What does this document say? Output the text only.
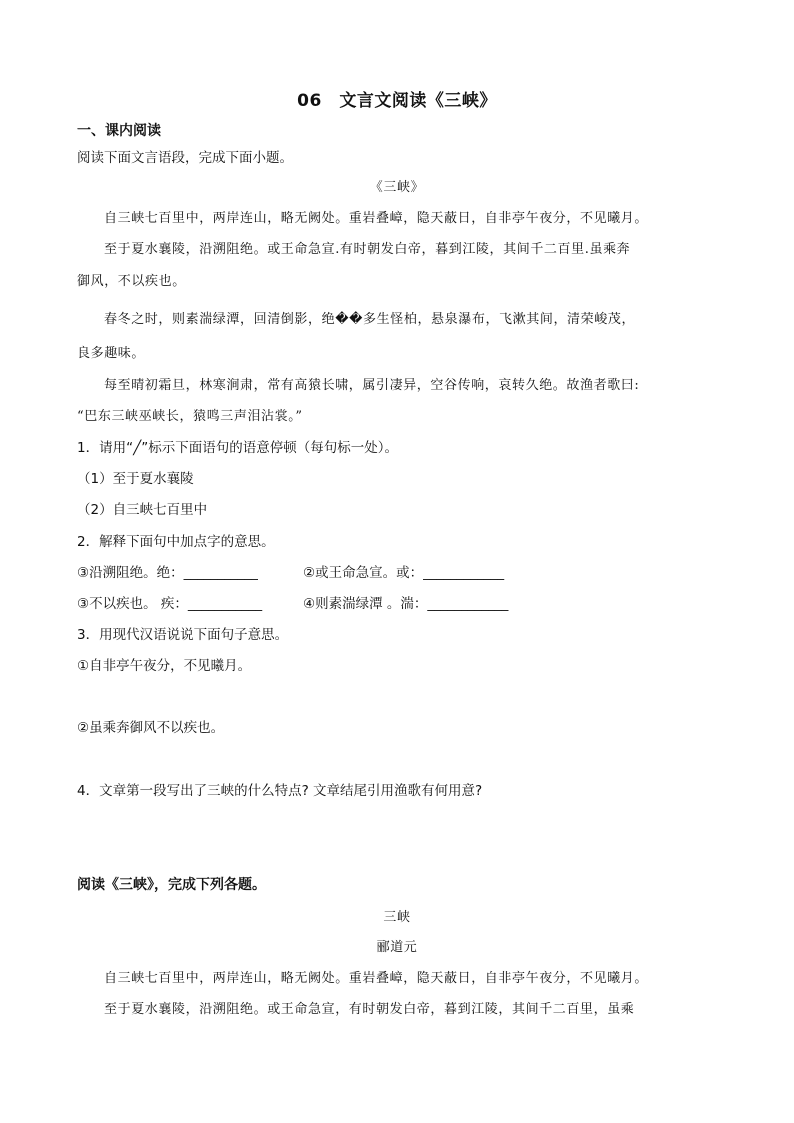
06　文言文阅读《三峡》
一、课内阅读
阅读下面文言语段，完成下面小题。
《三峡》
自三峡七百里中，两岸连山，略无阙处。重岩叠嶂，隐天蔽日，自非亭午夜分，不见曦月。
至于夏水襄陵，沿溯阻绝。或王命急宣.有时朝发白帝，暮到江陵，其间千二百里.虽乘奔
御风，不以疾也。
春冬之时，则素湍绿潭，回清倒影，绝��多生怪柏，悬泉瀑布，飞漱其间，清荣峻茂，
良多趣味。
每至晴初霜旦，林寒涧肃，常有高猿长啸，属引凄异，空谷传响，哀转久绝。故渔者歌曰:
“巴东三峡巫峡长，猿鸣三声泪沾裳。”
1．请用“╱”标示下面语句的语意停顿（每句标一处）。
（1）至于夏水襄陵
（2）自三峡七百里中
2．解释下面句中加点字的意思。
③沿溯阻绝。绝：___________	②或王命急宣。或：____________
③不以疾也。 疾：___________	④则素湍绿潭 。湍：____________
3．用现代汉语说说下面句子意思。
①自非亭午夜分，不见曦月。
②虽乘奔御风不以疾也。
4．文章第一段写出了三峡的什么特点? 文章结尾引用渔歌有何用意?
阅读《三峡》，完成下列各题。
三峡
郦道元
自三峡七百里中，两岸连山，略无阙处。重岩叠嶂，隐天蔽日，自非亭午夜分，不见曦月。
至于夏水襄陵，沿溯阻绝。或王命急宣，有时朝发白帝，暮到江陵，其间千二百里，虽乘
